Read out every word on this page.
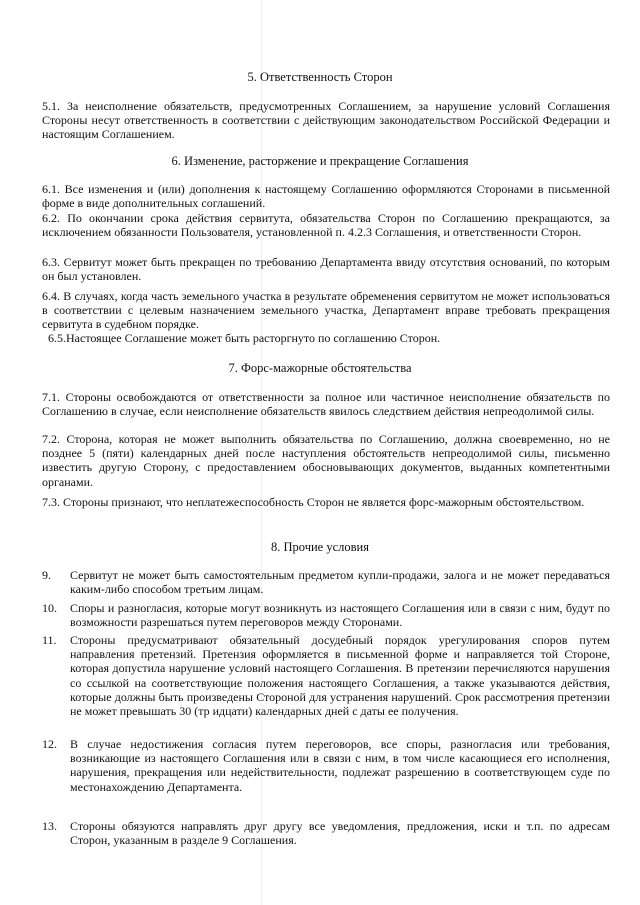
5. Ответственность Сторон

5.1. За неисполнение обязательств, предусмотренных Соглашением, за нарушение условий Соглашения Стороны несут ответственность в соответствии с действующим законодательством Российской Федерации и настоящим Соглашением.

6. Изменение, расторжение и прекращение Соглашения

6.1. Все изменения и (или) дополнения к настоящему Соглашению оформляются Сторонами в письменной форме в виде дополнительных соглашений.

6.2. По окончании срока действия сервитута, обязательства Сторон по Соглашению прекращаются, за исключением обязанности Пользователя, установленной п. 4.2.3 Соглашения, и ответственности Сторон.

6.3. Сервитут может быть прекращен по требованию Департамента ввиду отсутствия оснований, по которым он был установлен.

6.4. В случаях, когда часть земельного участка в результате обременения сервитутом не может использоваться в соответствии с целевым назначением земельного участка, Департамент вправе требовать прекращения сервитута в судебном порядке.

6.5.Настоящее Соглашение может быть расторгнуто по соглашению Сторон.

7. Форс-мажорные обстоятельства

7.1. Стороны освобождаются от ответственности за полное или частичное неисполнение обязательств по Соглашению в случае, если неисполнение обязательств явилось следствием действия непреодолимой силы.

7.2. Сторона, которая не может выполнить обязательства по Соглашению, должна своевременно, но не позднее 5 (пяти) календарных дней после наступления обстоятельств непреодолимой силы, письменно известить другую Сторону, с предоставлением обосновывающих документов, выданных компетентными органами.

7.3. Стороны признают, что неплатежеспособность Сторон не является форс-мажорным обстоятельством.

8. Прочие условия
9.	Сервитут не может быть самостоятельным предметом купли-продажи, залога и не может передаваться каким-либо способом третьим лицам.
10.	Споры и разногласия, которые могут возникнуть из настоящего Соглашения или в связи с ним, будут по возможности разрешаться путем переговоров между Сторонами.
11.	Стороны предусматривают обязательный досудебный порядок урегулирования споров путем направления претензий. Претензия оформляется в письменной форме и направляется той Стороне, которая допустила нарушение условий настоящего Соглашения. В претензии перечисляются нарушения со ссылкой на соответствующие положения настоящего Соглашения, а также указываются действия, которые должны быть произведены Стороной для устранения нарушений. Срок рассмотрения претензии не может превышать 30 (тр идцати) календарных дней с даты ее получения.
12.	В случае недостижения согласия путем переговоров, все споры, разногласия или требования, возникающие из настоящего Соглашения или в связи с ним, в том числе касающиеся его исполнения, нарушения, прекращения или недействительности, подлежат разрешению в соответствующем суде по местонахождению Департамента.
13.	Стороны обязуются направлять друг другу все уведомления, предложения, иски и т.п. по адресам Сторон, указанным в разделе 9 Соглашения.
